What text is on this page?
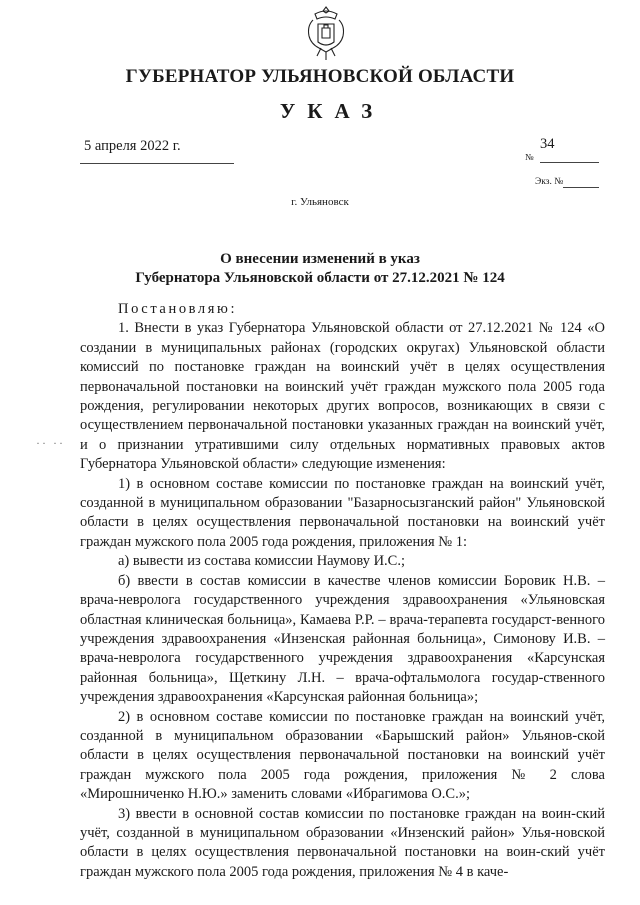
ГУБЕРНАТОР УЛЬЯНОВСКОЙ ОБЛАСТИ
УКАЗ
5 апреля 2022 г.	34
№
Экз. №
г. Ульяновск
О внесении изменений в указ
Губернатора Ульяновской области от 27.12.2021 № 124
·· ··

Постановляю:

1. Внести в указ Губернатора Ульяновской области от 27.12.2021 № 124 «О создании в муниципальных районах (городских округах) Ульяновской области комиссий по постановке граждан на воинский учёт в целях осуществления первоначальной постановки на воинский учёт граждан мужского пола 2005 года рождения, регулировании некоторых других вопросов, возникающих в связи с осуществлением первоначальной постановки указанных граждан на воинский учёт, и о признании утратившими силу отдельных нормативных правовых актов Губернатора Ульяновской области» следующие изменения:

1) в основном составе комиссии по постановке граждан на воинский учёт, созданной в муниципальном образовании "Базарносызганский район" Ульяновской области в целях осуществления первоначальной постановки на воинский учёт граждан мужского пола 2005 года рождения, приложения № 1:

а) вывести из состава комиссии Наумову И.С.;

б) ввести в состав комиссии в качестве членов комиссии Боровик Н.В. – врача-невролога государственного учреждения здравоохранения «Ульяновская областная клиническая больница», Камаева Р.Р. – врача-терапевта государст-венного учреждения здравоохранения «Инзенская районная больница», Симонову И.В. – врача-невролога государственного учреждения здравоохранения «Карсунская районная больница», Щеткину Л.Н. – врача-офтальмолога государ-ственного учреждения здравоохранения «Карсунская районная больница»;

2) в основном составе комиссии по постановке граждан на воинский учёт, созданной в муниципальном образовании «Барышский район» Ульянов-ской области в целях осуществления первоначальной постановки на воинский учёт граждан мужского пола 2005 года рождения, приложения № 2 слова «Мирошниченко Н.Ю.» заменить словами «Ибрагимова О.С.»;

3) ввести в основной состав комиссии по постановке граждан на воин-ский учёт, созданной в муниципальном образовании «Инзенский район» Улья-новской области в целях осуществления первоначальной постановки на воин-ский учёт граждан мужского пола 2005 года рождения, приложения № 4 в каче-
